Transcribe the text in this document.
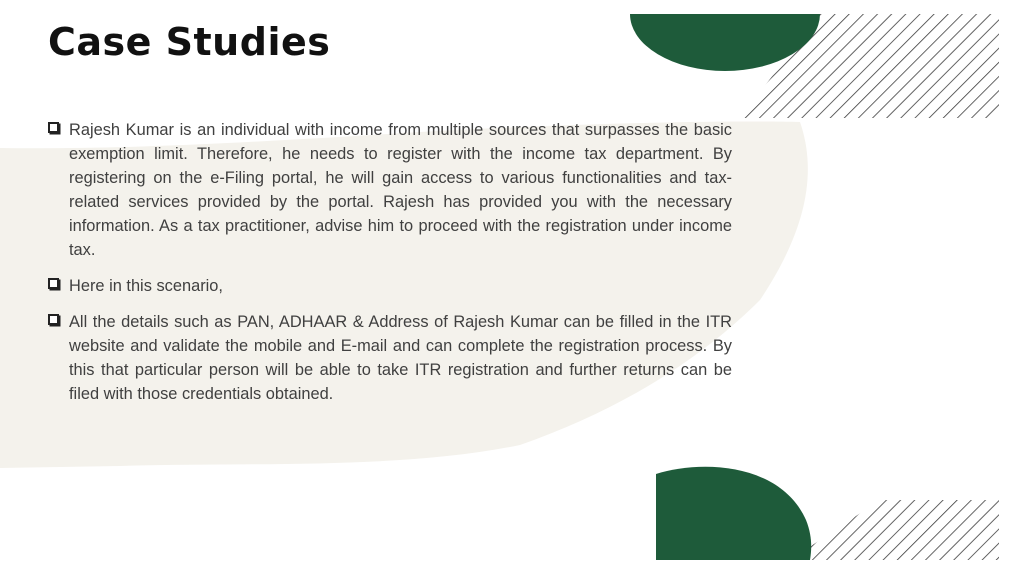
Case Studies

Rajesh Kumar is an individual with income from multiple sources that surpasses the basic exemption limit. Therefore, he needs to register with the income tax department. By registering on the e-Filing portal, he will gain access to various functionalities and tax-related services provided by the portal. Rajesh has provided you with the necessary information. As a tax practitioner, advise him to proceed with the registration under income tax.

Here in this scenario,

All the details such as PAN, ADHAAR & Address of Rajesh Kumar can be filled in the ITR website and validate the mobile and E-mail and can complete the registration process. By this that particular person will be able to take ITR registration and further returns can be filed with those credentials obtained.
